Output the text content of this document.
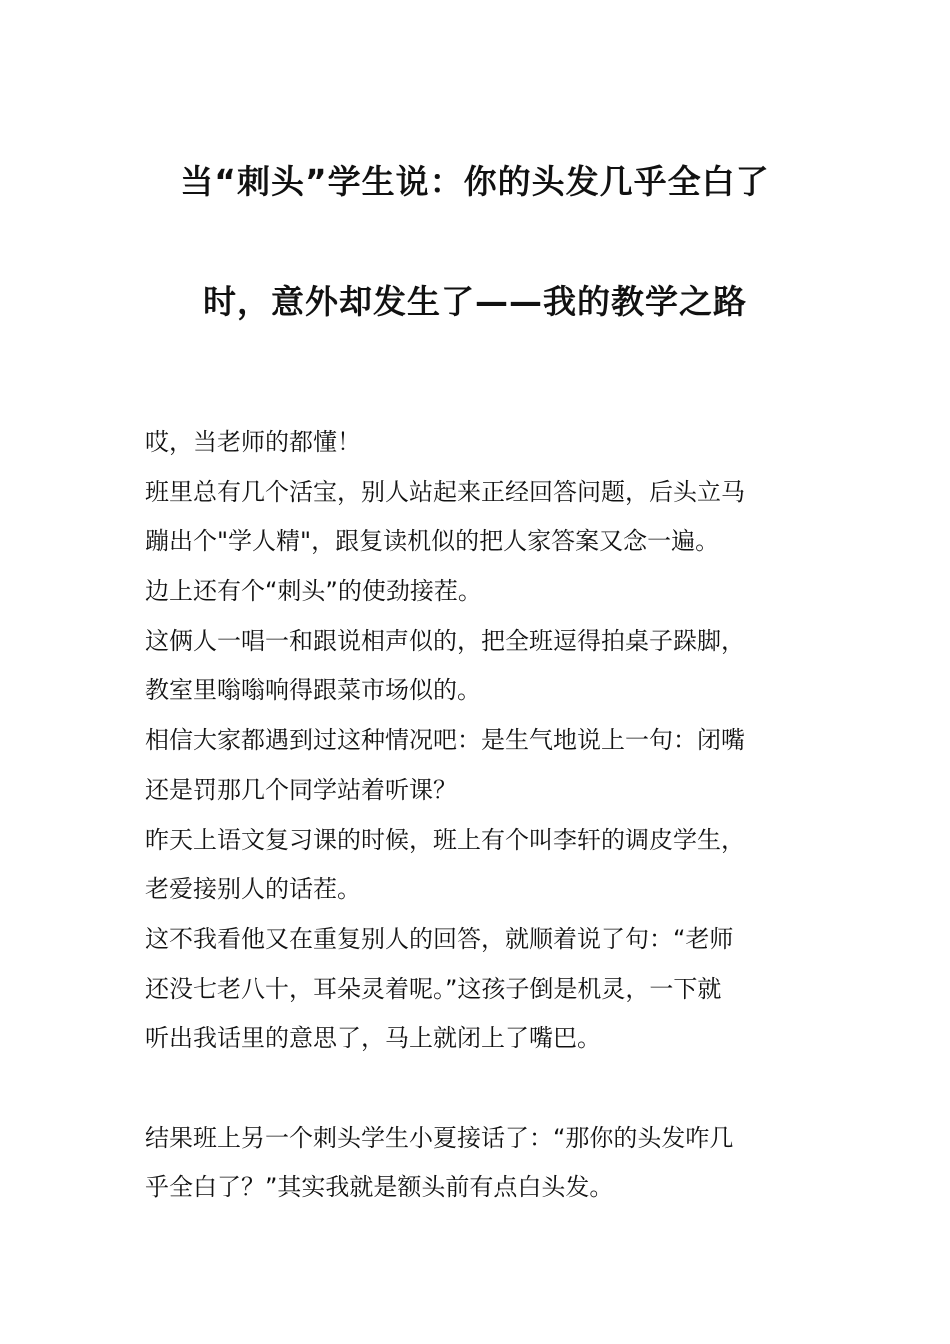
当“刺头”学生说：你的头发几乎全白了
时，意外却发生了——我的教学之路
哎，当老师的都懂！
班里总有几个活宝，别人站起来正经回答问题，后头立马
蹦出个"学人精"，跟复读机似的把人家答案又念一遍。
边上还有个“刺头”的使劲接茬。
这俩人一唱一和跟说相声似的，把全班逗得拍桌子跺脚，
教室里嗡嗡响得跟菜市场似的。
相信大家都遇到过这种情况吧：是生气地说上一句：闭嘴
还是罚那几个同学站着听课？
昨天上语文复习课的时候，班上有个叫李轩的调皮学生，
老爱接别人的话茬。
这不我看他又在重复别人的回答，就顺着说了句：“老师
还没七老八十，耳朵灵着呢。”这孩子倒是机灵，一下就
听出我话里的意思了，马上就闭上了嘴巴。
结果班上另一个刺头学生小夏接话了：“那你的头发咋几
乎全白了？”其实我就是额头前有点白头发。
